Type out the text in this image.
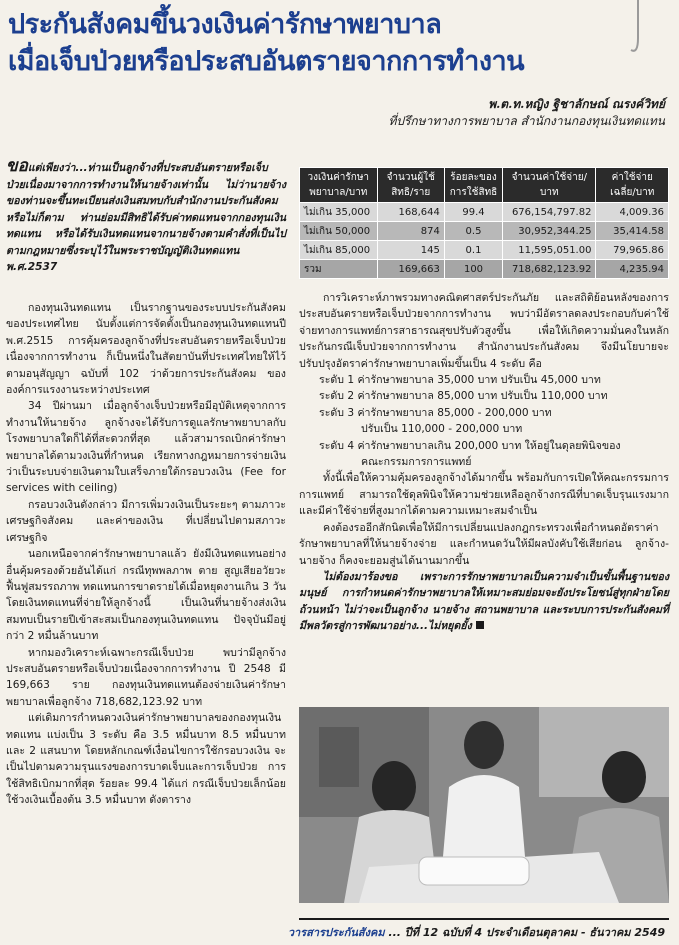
ประกันสังคมขึ้นวงเงินค่ารักษาพยาบาล
เมื่อเจ็บป่วยหรือประสบอันตรายจากการทำงาน
พ.ต.ท.หญิง ฐิชาลักษณ์ ณรงค์วิทย์
ที่ปรึกษาทางการพยาบาล สำนักงานกองทุนเงินทดแทน
ขอแต่เพียงว่า...ท่านเป็นลูกจ้างที่ประสบอันตรายหรือเจ็บป่วยเนื่องมาจากการทำงานให้นายจ้างเท่านั้น ไม่ว่านายจ้างของท่านจะขึ้นทะเบียนส่งเงินสมทบกับสำนักงานประกันสังคมหรือไม่ก็ตาม ท่านย่อมมีสิทธิได้รับค่าทดแทนจากกองทุนเงินทดแทน หรือได้รับเงินทดแทนจากนายจ้างตามคำสั่งที่เป็นไปตามกฎหมายซึ่งระบุไว้ในพระราชบัญญัติเงินทดแทน พ.ศ.2537

กองทุนเงินทดแทน เป็นรากฐานของระบบประกันสังคมของประเทศไทย นับตั้งแต่การจัดตั้งเป็นกองทุนเงินทดแทนปี พ.ศ.2515 การคุ้มครองลูกจ้างที่ประสบอันตรายหรือเจ็บป่วยเนื่องจากการทำงาน ก็เป็นหนึ่งในสัตยาบันที่ประเทศไทยให้ไว้ตามอนุสัญญา ฉบับที่ 102 ว่าด้วยการประกันสังคม ขององค์การแรงงานระหว่างประเทศ

34 ปีผ่านมา เมื่อลูกจ้างเจ็บป่วยหรือมีอุบัติเหตุจากการทำงานให้นายจ้าง ลูกจ้างจะได้รับการดูแลรักษาพยาบาลกับโรงพยาบาลใดก็ได้ที่สะดวกที่สุด แล้วสามารถเบิกค่ารักษาพยาบาลได้ตามวงเงินที่กำหนด เรียกทางกฎหมายการจ่ายเงินว่าเป็นระบบจ่ายเงินตามใบเสร็จภายใต้กรอบวงเงิน (Fee for services with ceiling)

กรอบวงเงินดังกล่าว มีการเพิ่มวงเงินเป็นระยะๆ ตามภาวะเศรษฐกิจสังคม และค่าของเงิน ที่เปลี่ยนไปตามสภาวะเศรษฐกิจ

นอกเหนือจากค่ารักษาพยาบาลแล้ว ยังมีเงินทดแทนอย่างอื่นคุ้มครองด้วยอันได้แก่ กรณีทุพพลภาพ ตาย สูญเสียอวัยวะ ฟื้นฟูสมรรถภาพ ทดแทนการขาดรายได้เมื่อหยุดงานเกิน 3 วัน โดยเงินทดแทนที่จ่ายให้ลูกจ้างนี้ เป็นเงินที่นายจ้างส่งเงินสมทบเป็นรายปีเข้าสะสมเป็นกองทุนเงินทดแทน ปัจจุบันมีอยู่กว่า 2 หมื่นล้านบาท

หากมองวิเคราะห์เฉพาะกรณีเจ็บป่วย พบว่ามีลูกจ้างประสบอันตรายหรือเจ็บป่วยเนื่องจากการทำงาน ปี 2548 มี 169,663 ราย กองทุนเงินทดแทนต้องจ่ายเงินค่ารักษาพยาบาลเพื่อลูกจ้าง 718,682,123.92 บาท

แต่เดิมการกำหนดวงเงินค่ารักษาพยาบาลของกองทุนเงินทดแทน แบ่งเป็น 3 ระดับ คือ 3.5 หมื่นบาท 8.5 หมื่นบาท และ 2 แสนบาท โดยหลักเกณฑ์เงื่อนไขการใช้กรอบวงเงิน จะเป็นไปตามความรุนแรงของการบาดเจ็บและการเจ็บป่วย การใช้สิทธิเบิกมากที่สุด ร้อยละ 99.4 ได้แก่ กรณีเจ็บป่วยเล็กน้อย ใช้วงเงินเบื้องต้น 3.5 หมื่นบาท ดังตาราง

วงเงินค่ารักษาพยาบาล/บาท	จำนวนผู้ใช้สิทธิ/ราย	ร้อยละของการใช้สิทธิ	จำนวนค่าใช้จ่าย/บาท	ค่าใช้จ่ายเฉลี่ย/บาท
ไม่เกิน 35,000	168,644	99.4	676,154,797.82	4,009.36
ไม่เกิน 50,000	874	0.5	30,952,344.25	35,414.58
ไม่เกิน 85,000	145	0.1	11,595,051.00	79,965.86
รวม	169,663	100	718,682,123.92	4,235.94

การวิเคราะห์ภาพรวมทางคณิตศาสตร์ประกันภัย และสถิติย้อนหลังของการประสบอันตรายหรือเจ็บป่วยจากการทำงาน พบว่ามีอัตราลดลงประกอบกับค่าใช้จ่ายทางการแพทย์การสาธารณสุขปรับตัวสูงขึ้น เพื่อให้เกิดความมั่นคงในหลักประกันกรณีเจ็บป่วยจากการทำงาน สำนักงานประกันสังคม จึงมีนโยบายจะปรับปรุงอัตราค่ารักษาพยาบาลเพิ่มขึ้นเป็น 4 ระดับ คือ

ระดับ 1 ค่ารักษาพยาบาล 35,000 บาท ปรับเป็น 45,000 บาท

ระดับ 2 ค่ารักษาพยาบาล 85,000 บาท ปรับเป็น 110,000 บาท

ระดับ 3 ค่ารักษาพยาบาล 85,000 - 200,000 บาท

ปรับเป็น 110,000 - 200,000 บาท

ระดับ 4 ค่ารักษาพยาบาลเกิน 200,000 บาท ให้อยู่ในดุลยพินิจของ

คณะกรรมการการแพทย์

ทั้งนี้เพื่อให้ความคุ้มครองลูกจ้างได้มากขึ้น พร้อมกับการเปิดให้คณะกรรมการการแพทย์ สามารถใช้ดุลพินิจให้ความช่วยเหลือลูกจ้างกรณีที่บาดเจ็บรุนแรงมาก และมีค่าใช้จ่ายที่สูงมากได้ตามความเหมาะสมจำเป็น

คงต้องรออีกสักนิดเพื่อให้มีการเปลี่ยนแปลงกฎกระทรวงเพื่อกำหนดอัตราค่ารักษาพยาบาลที่ให้นายจ้างจ่าย และกำหนดวันให้มีผลบังคับใช้เสียก่อน ลูกจ้าง-นายจ้าง ก็คงจะยอมสู่นได้นานมากขึ้น

ไม่ต้องมาร้องขอ เพราะการรักษาพยาบาลเป็นความจำเป็นขั้นพื้นฐานของมนุษย์ การกำหนดค่ารักษาพยาบาลให้เหมาะสมย่อมจะยังประโยชน์สู่ทุกฝ่ายโดยถ้วนหน้า ไม่ว่าจะเป็นลูกจ้าง นายจ้าง สถานพยาบาล และระบบการประกันสังคมที่มีพลวัตรสู่การพัฒนาอย่าง...ไม่หยุดยั้ง

วารสารประกันสังคม ... ปีที่ 12 ฉบับที่ 4 ประจำเดือนตุลาคม - ธันวาคม 2549
